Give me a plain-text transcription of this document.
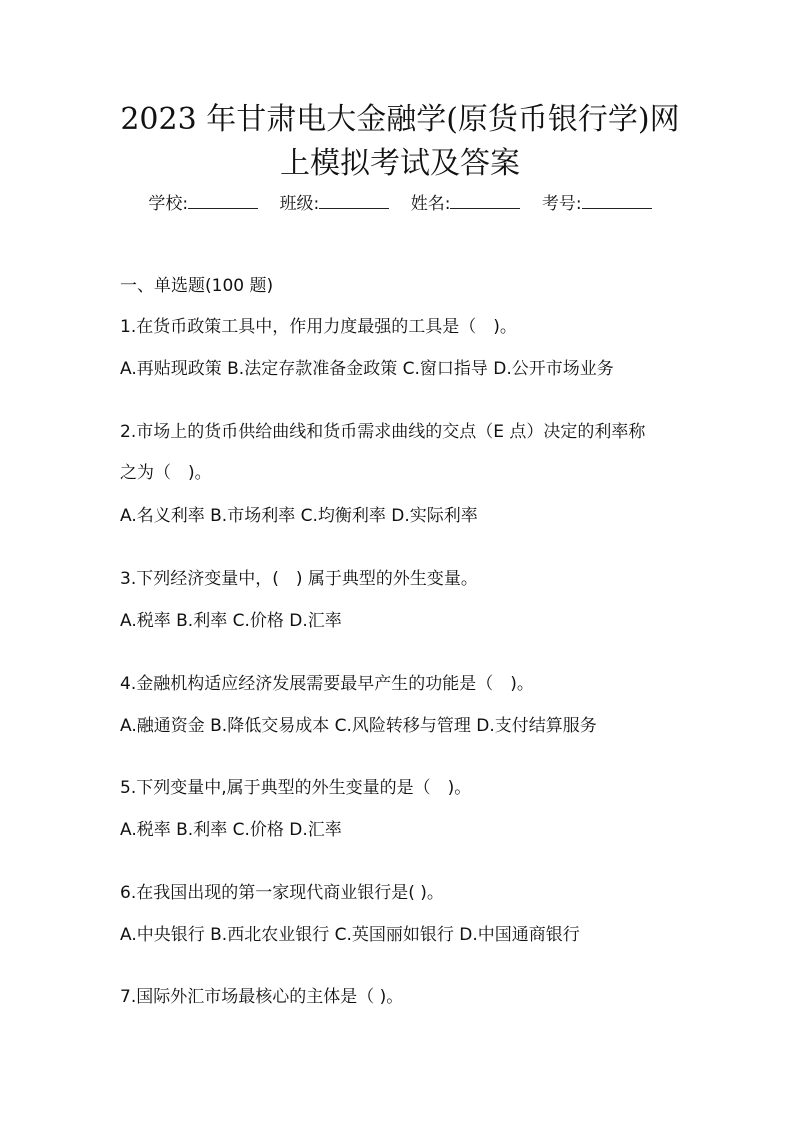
2023 年甘肃电大金融学(原货币银行学)网
上模拟考试及答案
学校:	班级:	姓名:	考号:
一、单选题(100 题)
1.在货币政策工具中，作用力度最强的工具是（　)。
A.再贴现政策 B.法定存款准备金政策 C.窗口指导 D.公开市场业务
2.市场上的货币供给曲线和货币需求曲线的交点（E 点）决定的利率称
之为（　)。
A.名义利率 B.市场利率 C.均衡利率 D.实际利率
3.下列经济变量中，(　) 属于典型的外生变量。
A.税率 B.利率 C.价格 D.汇率
4.金融机构适应经济发展需要最早产生的功能是（　)。
A.融通资金 B.降低交易成本 C.风险转移与管理 D.支付结算服务
5.下列变量中,属于典型的外生变量的是（　)。
A.税率 B.利率 C.价格 D.汇率
6.在我国出现的第一家现代商业银行是( )。
A.中央银行 B.西北农业银行 C.英国丽如银行 D.中国通商银行
7.国际外汇市场最核心的主体是（ )。
